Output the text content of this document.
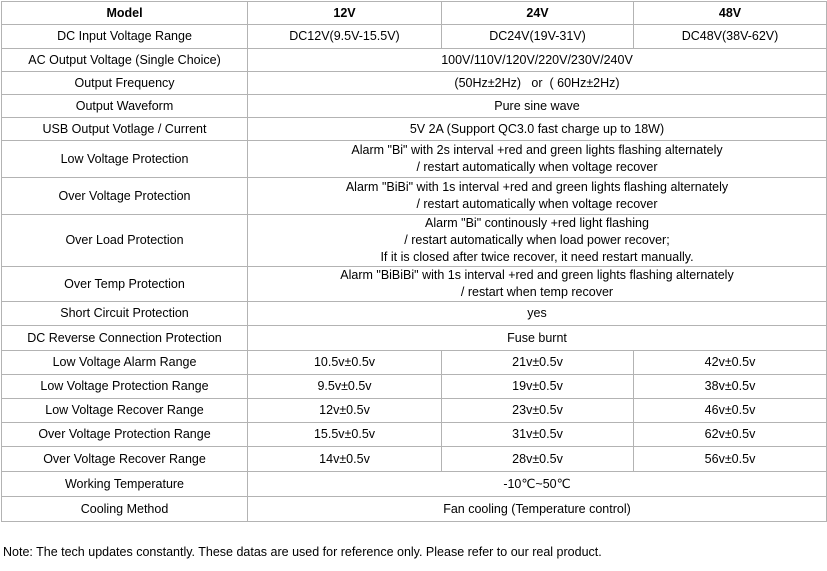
Model	12V	24V	48V
DC Input Voltage Range	DC12V(9.5V-15.5V)	DC24V(19V-31V)	DC48V(38V-62V)
AC Output Voltage (Single Choice)	100V/110V/120V/220V/230V/240V		
Output Frequency	(50Hz±2Hz)   or  ( 60Hz±2Hz)		
Output Waveform	Pure sine wave		
USB Output Votlage / Current	5V 2A (Support QC3.0 fast charge up to 18W)		
Low Voltage Protection	Alarm "Bi" with 2s interval +red and green lights flashing alternately
/ restart automatically when voltage recover		

Over Voltage Protection	Alarm "BiBi" with 1s interval +red and green lights flashing alternately
/ restart automatically when voltage recover		

Over Load Protection	Alarm "Bi" continously +red light flashing
/ restart automatically when load power recover;
If it is closed after twice recover, it need restart manually.		

Over Temp Protection	Alarm "BiBiBi" with 1s interval +red and green lights flashing alternately
/ restart when temp recover		

Short Circuit Protection	yes		
DC Reverse Connection Protection	Fuse burnt		
Low Voltage Alarm Range	10.5v±0.5v	21v±0.5v	42v±0.5v
Low Voltage Protection Range	9.5v±0.5v	19v±0.5v	38v±0.5v
Low Voltage Recover Range	12v±0.5v	23v±0.5v	46v±0.5v
Over Voltage Protection Range	15.5v±0.5v	31v±0.5v	62v±0.5v
Over Voltage Recover Range	14v±0.5v	28v±0.5v	56v±0.5v
Working Temperature	-10℃~50℃		
Cooling Method	Fan cooling (Temperature control)		
Note: The tech updates constantly. These datas are used for reference only. Please refer to our real product.
